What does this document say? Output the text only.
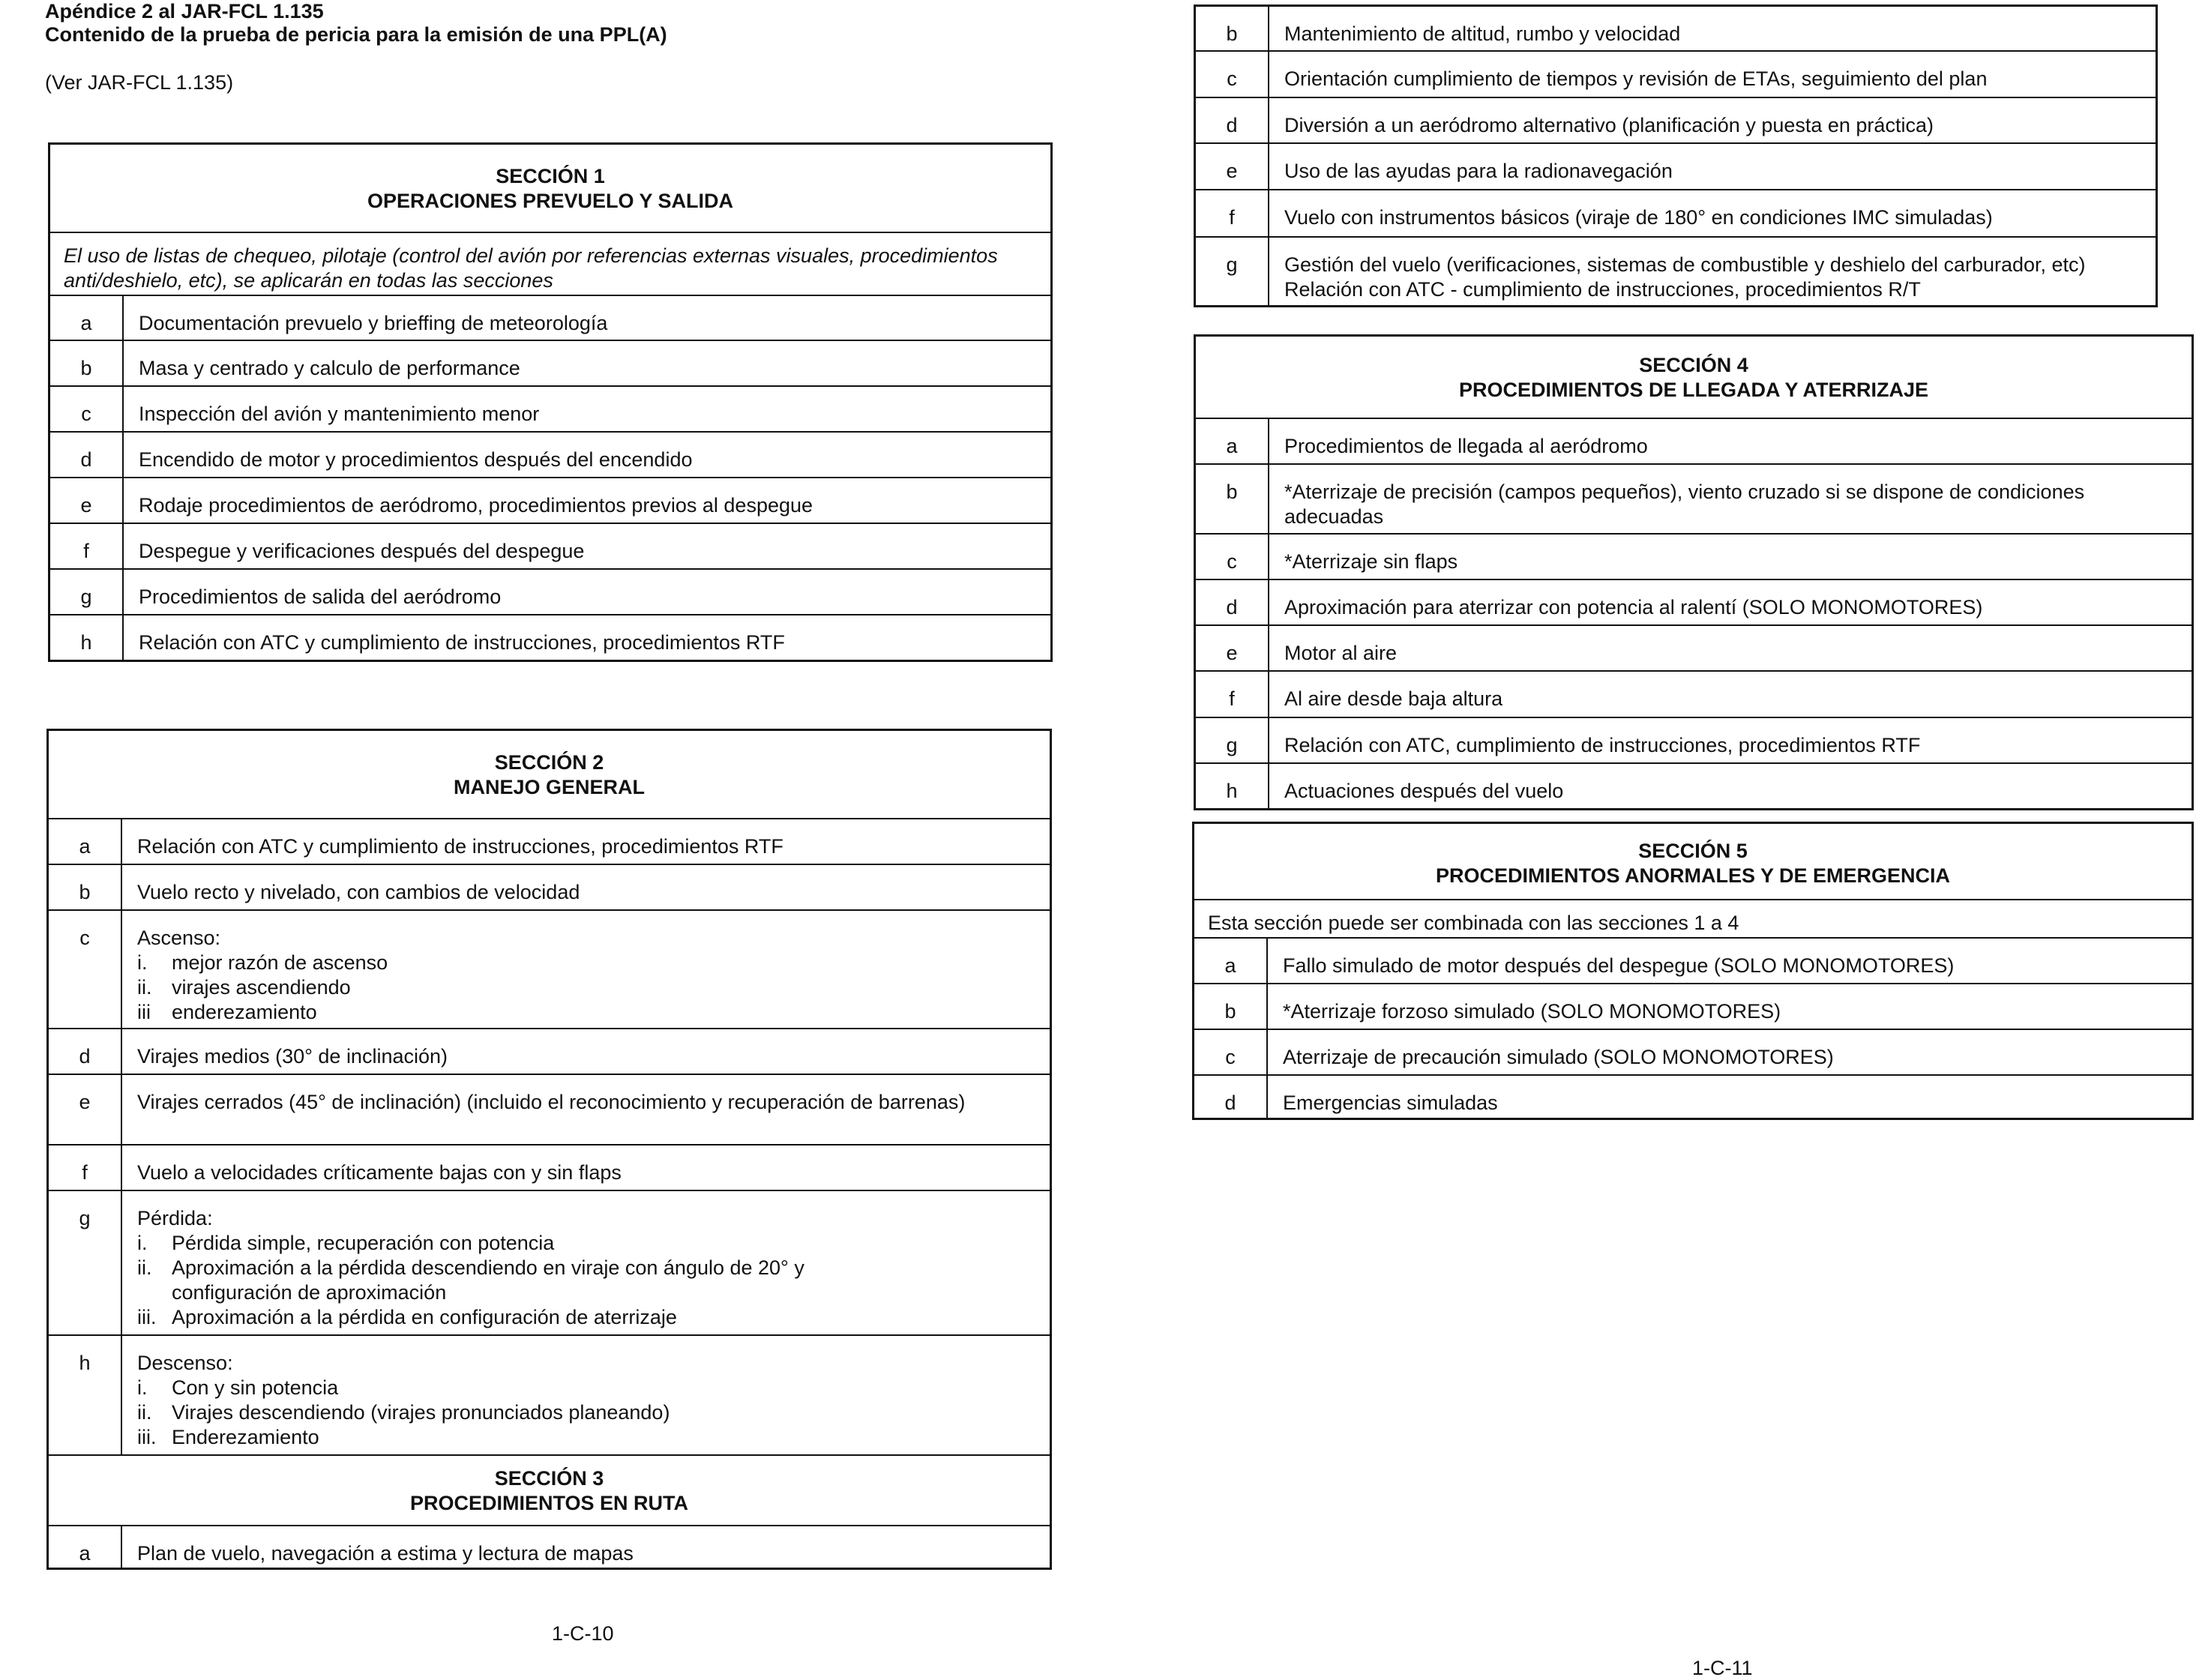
Apéndice 2 al JAR-FCL 1.135
Contenido de la prueba de pericia para la emisión de una PPL(A)
(Ver JAR-FCL 1.135)
SECCIÓN 1
OPERACIONES PREVUELO Y SALIDA	

El uso de listas de chequeo, pilotaje (control del avión por referencias externas visuales, procedimientos anti/deshielo, etc), se aplicarán en todas las secciones	
a	Documentación prevuelo y brieffing de meteorología

b	Masa y centrado y calculo de performance

c	Inspección del avión y mantenimiento menor

d	Encendido de motor y procedimientos después del encendido

e	Rodaje procedimientos de aeródromo, procedimientos previos al despegue

f	Despegue y verificaciones después del despegue

g	Procedimientos de salida del aeródromo

h	Relación con ATC y cumplimiento de instrucciones, procedimientos RTF
SECCIÓN 2
MANEJO GENERAL	

a	Relación con ATC y cumplimiento de instrucciones, procedimientos RTF

b	Vuelo recto y nivelado, con cambios de velocidad

c	Ascenso:
i. mejor razón de ascenso
ii. virajes ascendiendo
iii enderezamiento

d	Virajes medios (30° de inclinación)

e	Virajes cerrados (45° de inclinación) (incluido el reconocimiento y recuperación de barrenas)

f	Vuelo a velocidades críticamente bajas con y sin flaps

g	Pérdida:
i. Pérdida simple, recuperación con potencia
ii. Aproximación a la pérdida descendiendo en viraje con ángulo de 20° y
configuración de aproximación
iii. Aproximación a la pérdida en configuración de aterrizaje

h	Descenso:
i. Con y sin potencia
ii. Virajes descendiendo (virajes pronunciados planeando)
iii. Enderezamiento

SECCIÓN 3
PROCEDIMIENTOS EN RUTA	

a	Plan de vuelo, navegación a estima y lectura de mapas
1-C-10
b	Mantenimiento de altitud, rumbo y velocidad

c	Orientación cumplimiento de tiempos y revisión de ETAs, seguimiento del plan

d	Diversión a un aeródromo alternativo (planificación y puesta en práctica)

e	Uso de las ayudas para la radionavegación

f	Vuelo con instrumentos básicos (viraje de 180° en condiciones IMC simuladas)

g	Gestión del vuelo (verificaciones, sistemas de combustible y deshielo del carburador, etc) Relación con ATC - cumplimiento de instrucciones, procedimientos R/T
SECCIÓN 4
PROCEDIMIENTOS DE LLEGADA Y ATERRIZAJE	

a	Procedimientos de llegada al aeródromo

b	*Aterrizaje de precisión (campos pequeños), viento cruzado si se dispone de condiciones adecuadas

c	*Aterrizaje sin flaps

d	Aproximación para aterrizar con potencia al ralentí (SOLO MONOMOTORES)

e	Motor al aire

f	Al aire desde baja altura

g	Relación con ATC, cumplimiento de instrucciones, procedimientos RTF

h	Actuaciones después del vuelo
SECCIÓN 5
PROCEDIMIENTOS ANORMALES Y DE EMERGENCIA	

Esta sección puede ser combinada con las secciones 1 a 4	
a	Fallo simulado de motor después del despegue (SOLO MONOMOTORES)

b	*Aterrizaje forzoso simulado (SOLO MONOMOTORES)

c	Aterrizaje de precaución simulado (SOLO MONOMOTORES)

d	Emergencias simuladas
1-C-11
